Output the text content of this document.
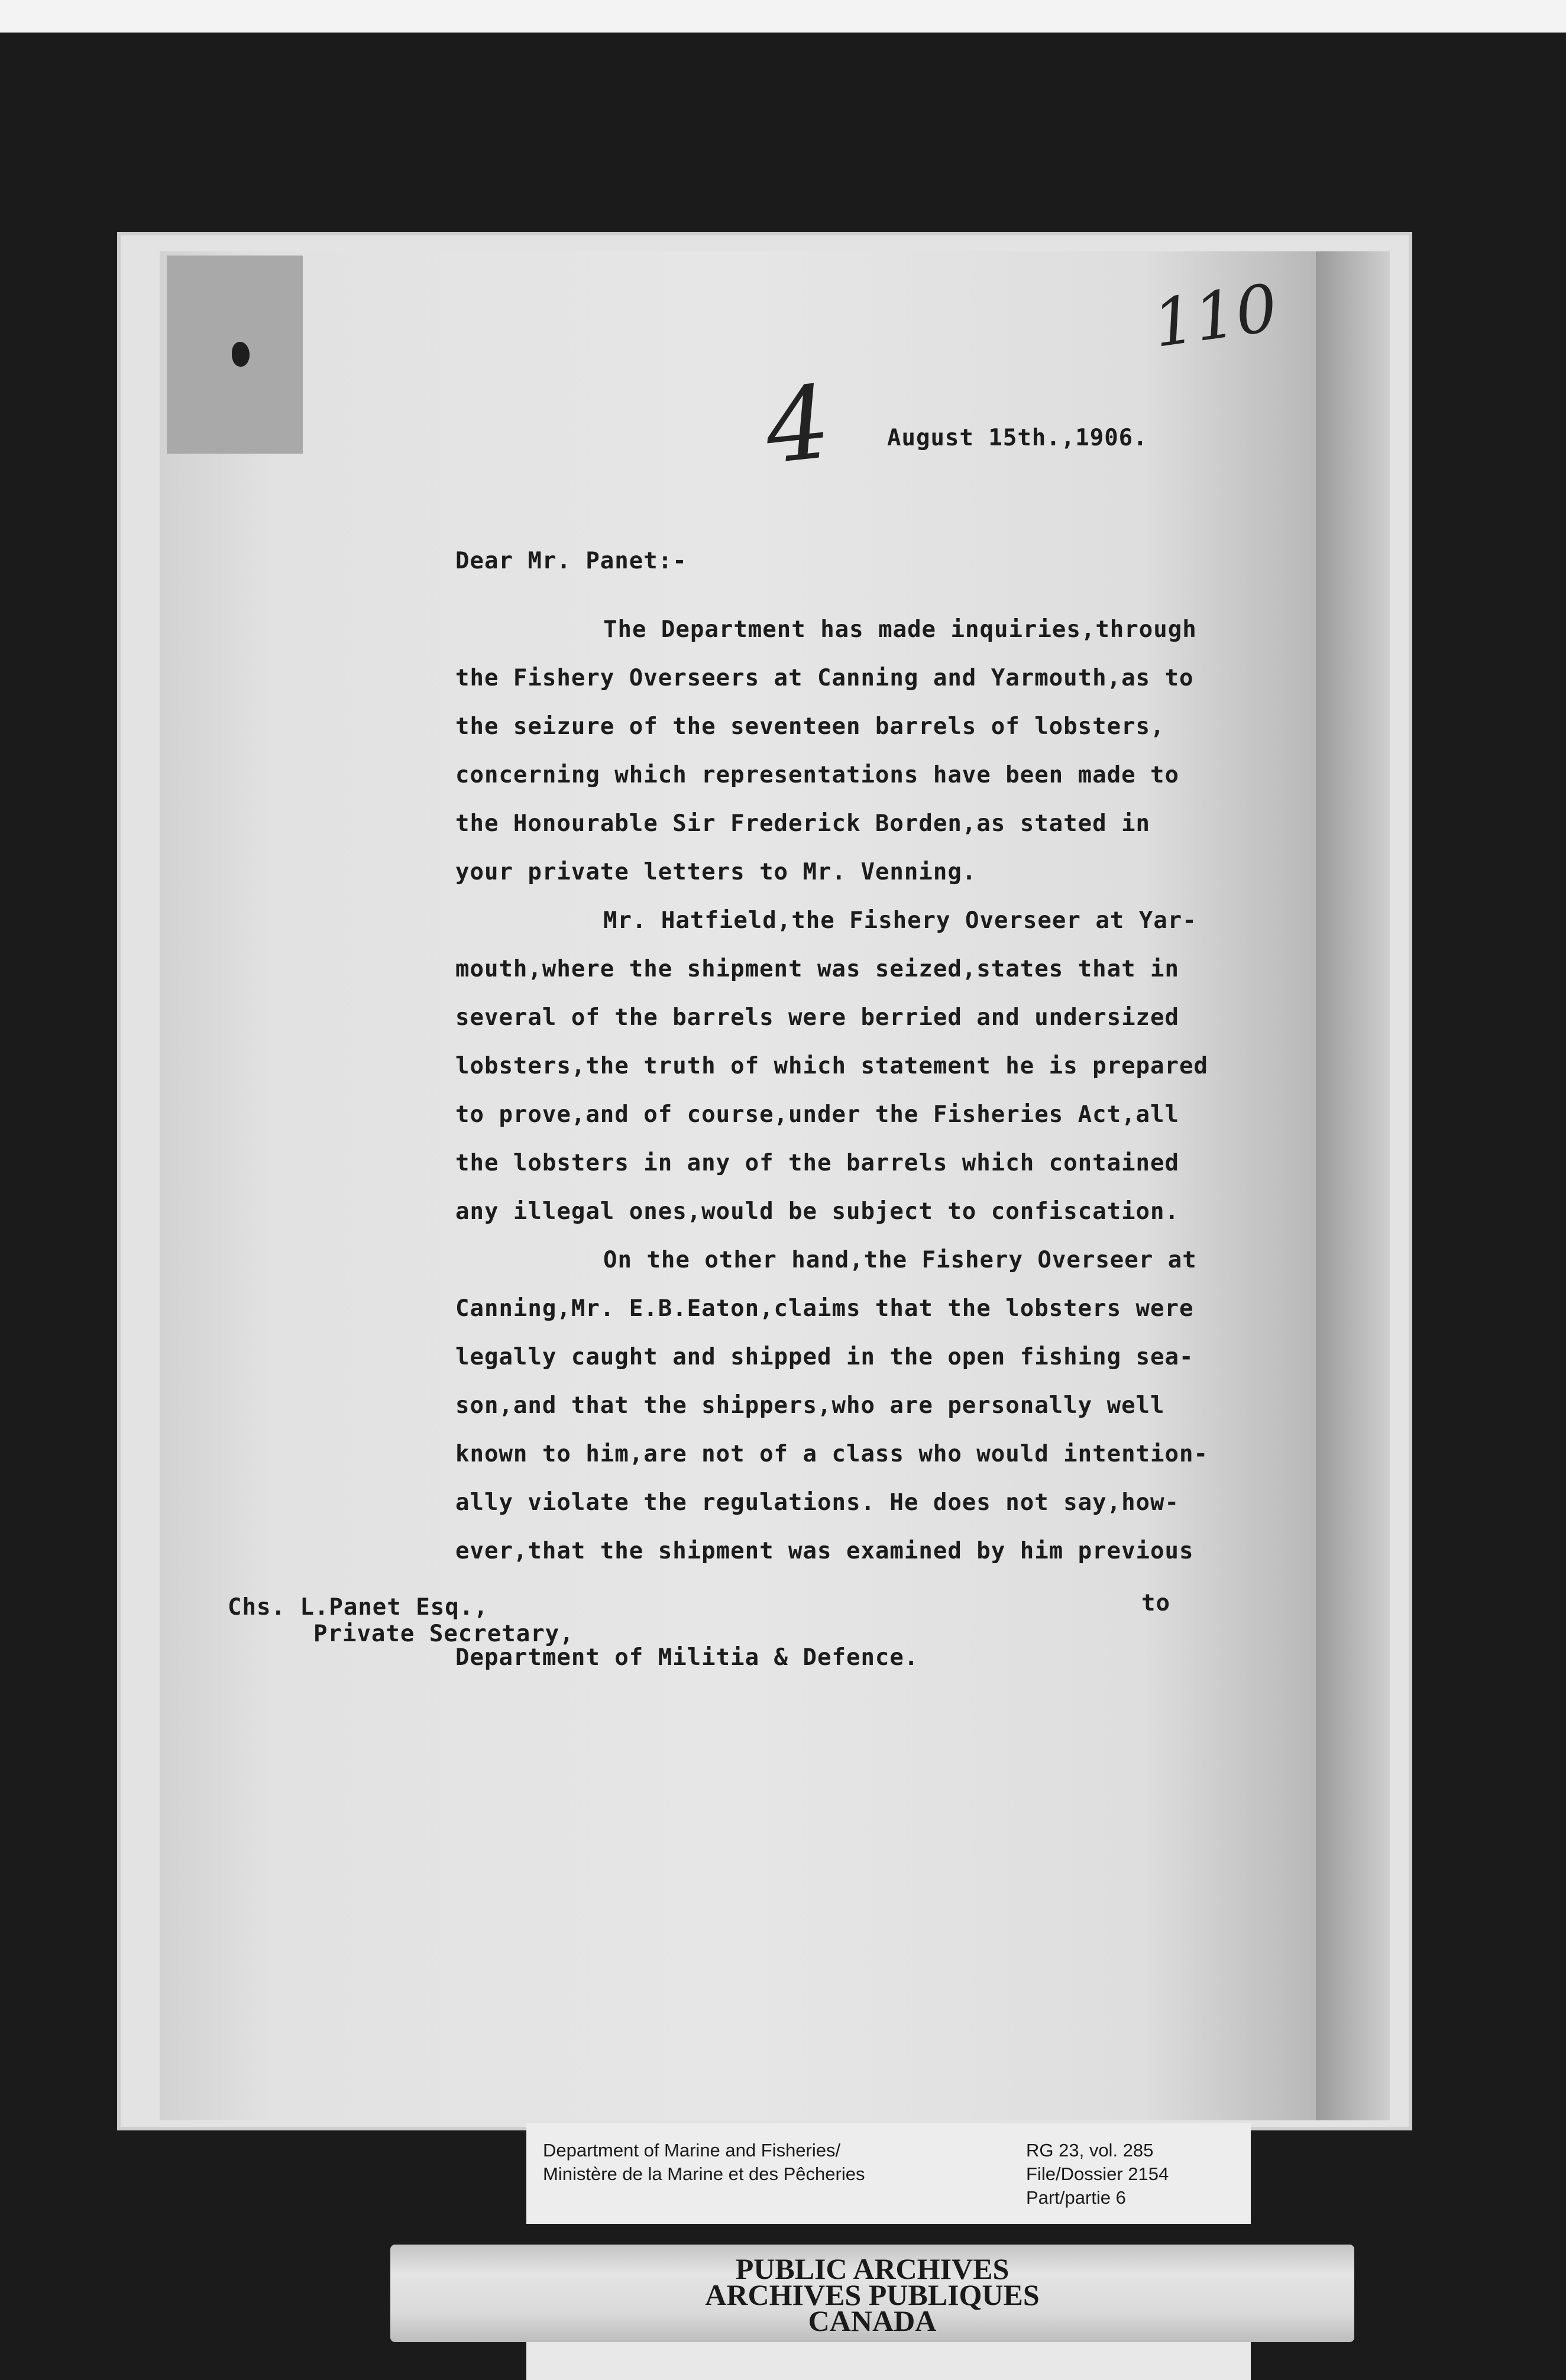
110
4 August 15th.,1906.
Dear Mr. Panet:-
The Department has made inquiries,through
the Fishery Overseers at Canning and Yarmouth,as to
the seizure of the seventeen barrels of lobsters,
concerning which representations have been made to
the Honourable Sir Frederick Borden,as stated in
your private letters to Mr. Venning.
Mr. Hatfield,the Fishery Overseer at Yar-
mouth,where the shipment was seized,states that in
several of the barrels were berried and undersized
lobsters,the truth of which statement he is prepared
to prove,and of course,under the Fisheries Act,all
the lobsters in any of the barrels which contained
any illegal ones,would be subject to confiscation.
On the other hand,the Fishery Overseer at
Canning,Mr. E.B.Eaton,claims that the lobsters were
legally caught and shipped in the open fishing sea-
son,and that the shippers,who are personally well
known to him,are not of a class who would intention-
ally violate the regulations. He does not say,how-
ever,that the shipment was examined by him previous
to
Chs. L.Panet Esq.,
Private Secretary,
Department of Militia & Defence.
Department of Marine and Fisheries/
Ministère de la Marine et des Pêcheries
RG 23, vol. 285
File/Dossier 2154
Part/partie 6
PUBLIC ARCHIVES
ARCHIVES PUBLIQUES
CANADA
